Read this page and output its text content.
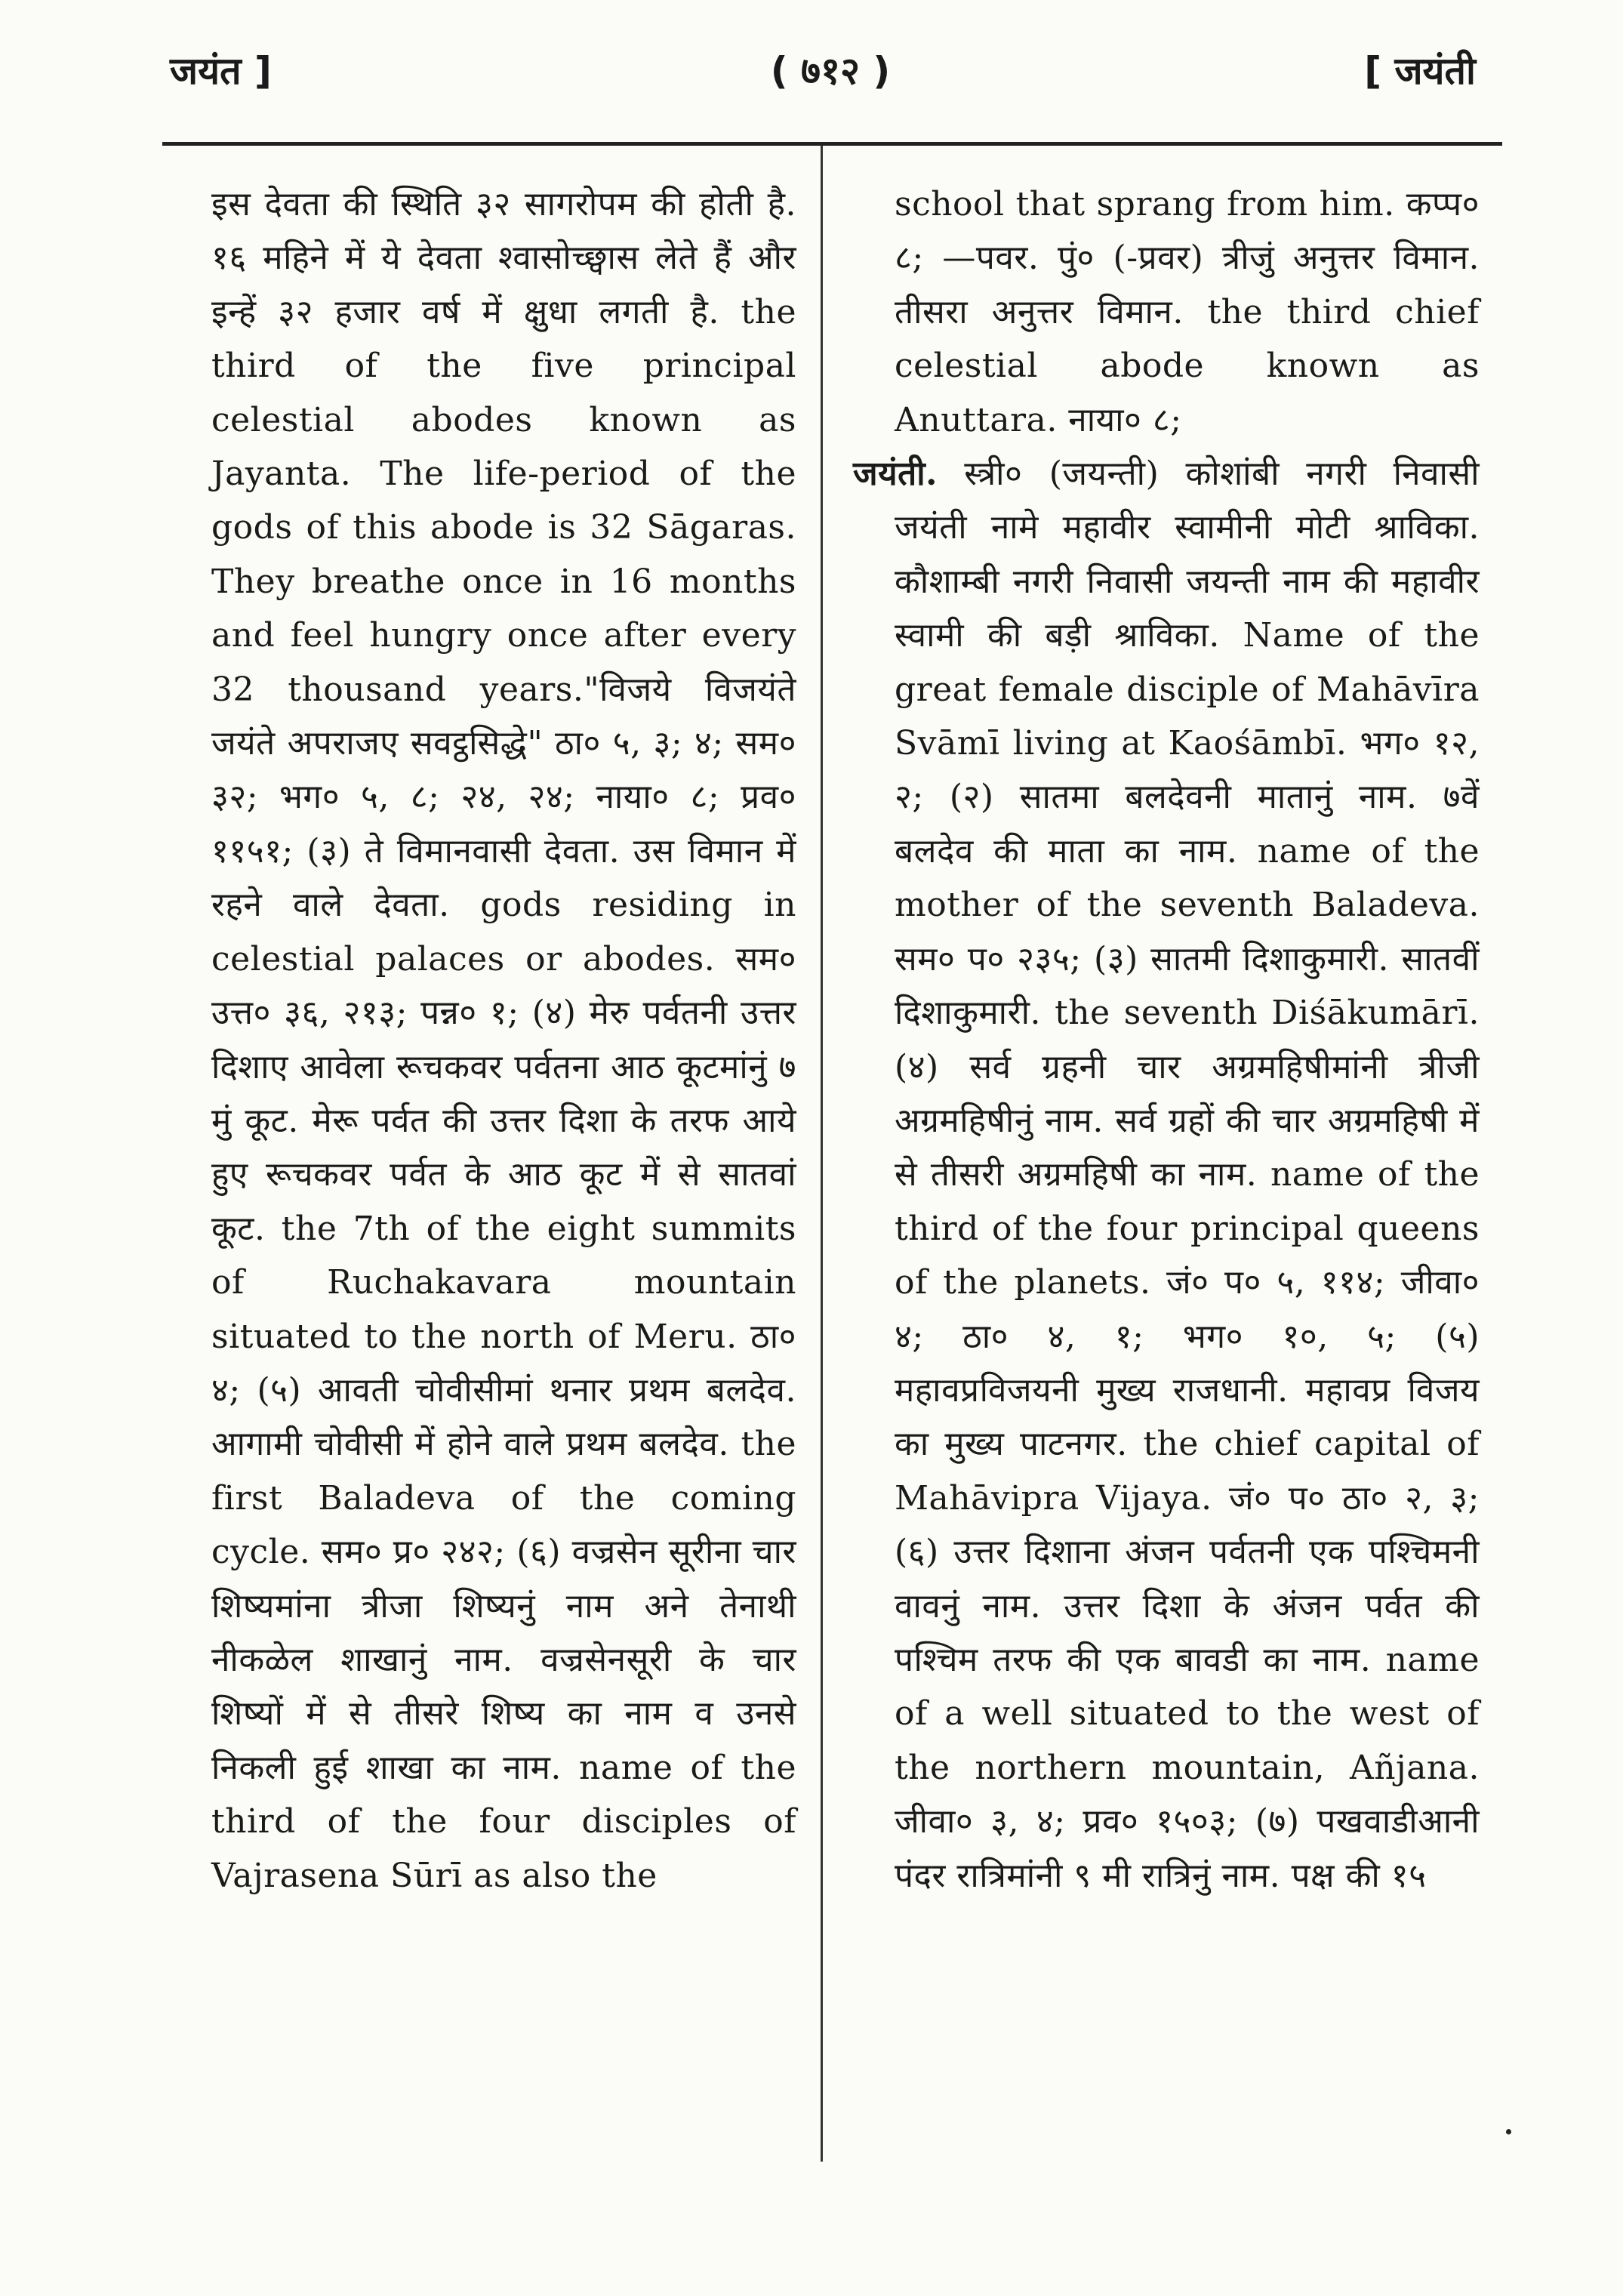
जयंत ]	( ७१२ )	[ जयंती

इस देवता की स्थिति ३२ सागरोपम की होती है. १६ महिने में ये देवता श्वासोच्छ्वास लेते हैं और इन्हें ३२ हजार वर्ष में क्षुधा लगती है. the third of the five principal celestial abodes known as Jayanta. The life-period of the gods of this abode is 32 Sāgaras. They breathe once in 16 months and feel hungry once after every 32 thousand years."विजये विजयंते जयंते अपराजए सवट्ठसिद्धे" ठा० ५, ३; ४; सम० ३२; भग० ५, ८; २४, २४; नाया० ८; प्रव० ११५१; (३) ते विमानवासी देवता. उस विमान में रहने वाले देवता. gods residing in celestial palaces or abodes. सम० उत्त० ३६, २१३; पन्न० १; (४) मेरु पर्वतनी उत्तर दिशाए आवेला रूचकवर पर्वतना आठ कूटमांनुं ७ मुं कूट. मेरू पर्वत की उत्तर दिशा के तरफ आये हुए रूचकवर पर्वत के आठ कूट में से सातवां कूट. the 7th of the eight summits of Ruchakavara mountain situated to the north of Meru. ठा० ४; (५) आवती चोवीसीमां थनार प्रथम बलदेव. आगामी चोवीसी में होने वाले प्रथम बलदेव. the first Baladeva of the coming cycle. सम० प्र० २४२; (६) वज्रसेन सूरीना चार शिष्यमांना त्रीजा शिष्यनुं नाम अने तेनाथी नीकळेल शाखानुं नाम. वज्रसेनसूरी के चार शिष्यों में से तीसरे शिष्य का नाम व उनसे निकली हुई शाखा का नाम. name of the third of the four disciples of Vajrasena Sūrī as also the

school that sprang from him. कप्प० ८; —पवर. पुं० (-प्रवर) त्रीजुं अनुत्तर विमान. तीसरा अनुत्तर विमान. the third chief celestial abode known as Anuttara. नाया० ८;

जयंती. स्त्री० (जयन्ती) कोशांबी नगरी निवासी जयंती नामे महावीर स्वामीनी मोटी श्राविका. कौशाम्बी नगरी निवासी जयन्ती नाम की महावीर स्वामी की बड़ी श्राविका. Name of the great female disciple of Mahāvīra Svāmī living at Kaośāmbī. भग० १२, २; (२) सातमा बलदेवनी मातानुं नाम. ७वें बलदेव की माता का नाम. name of the mother of the seventh Baladeva. सम० प० २३५; (३) सातमी दिशाकुमारी. सातवीं दिशाकुमारी. the seventh Diśākumārī. (४) सर्व ग्रहनी चार अग्रमहिषीमांनी त्रीजी अग्रमहिषीनुं नाम. सर्व ग्रहों की चार अग्रमहिषी में से तीसरी अग्रमहिषी का नाम. name of the third of the four principal queens of the planets. जं० प० ५, ११४; जीवा० ४; ठा० ४, १; भग० १०, ५; (५) महावप्रविजयनी मुख्य राजधानी. महावप्र विजय का मुख्य पाटनगर. the chief capital of Mahāvipra Vijaya. जं० प० ठा० २, ३; (६) उत्तर दिशाना अंजन पर्वतनी एक पश्चिमनी वावनुं नाम. उत्तर दिशा के अंजन पर्वत की पश्चिम तरफ की एक बावडी का नाम. name of a well situated to the west of the northern mountain, Añjana. जीवा० ३, ४; प्रव० १५०३; (७) पखवाडीआनी पंदर रात्रिमांनी ९ मी रात्रिनुं नाम. पक्ष की १५
